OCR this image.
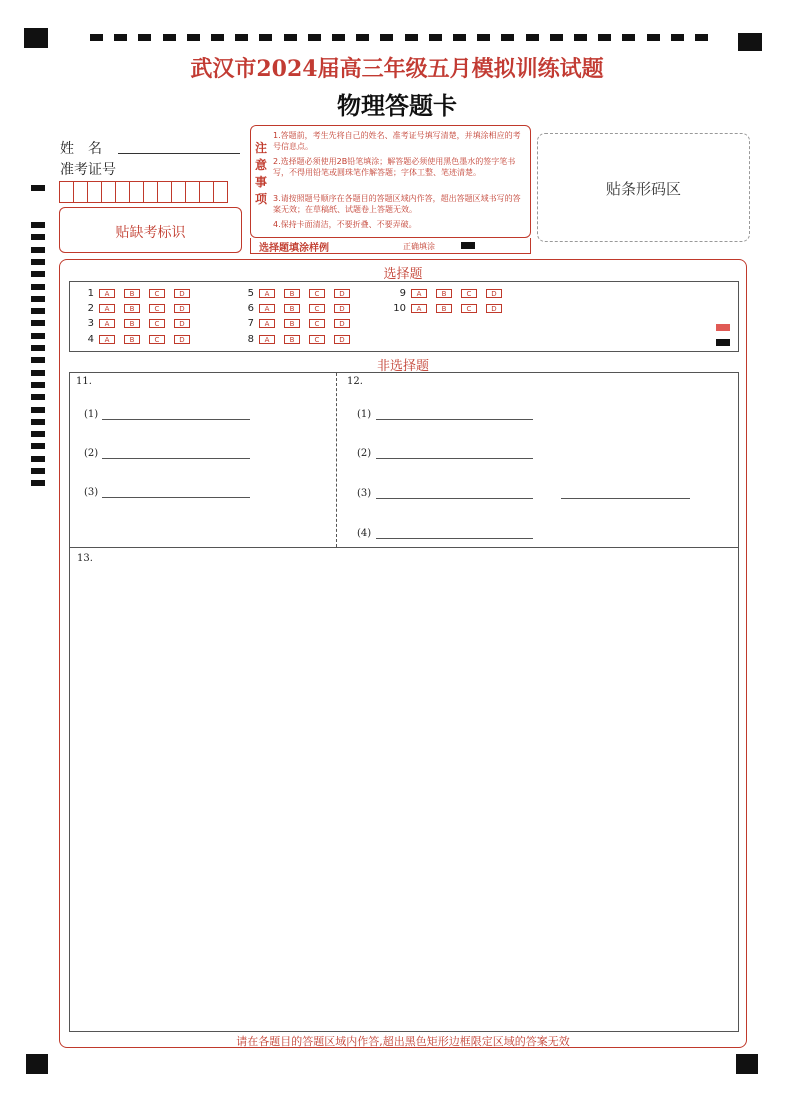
武汉市2024届高三年级五月模拟训练试题
物理答题卡
姓　名
准考证号
贴缺考标识
注意事项
1.答题前，考生先将自己的姓名、准考证号填写清楚，并填涂相应的考号信息点。
2.选择题必须使用2B铅笔填涂；解答题必须使用黑色墨水的签字笔书写，不得用铅笔或圆珠笔作解答题；字体工整、笔迹清楚。
3.请按照题号顺序在各题目的答题区域内作答，超出答题区域书写的答案无效；在草稿纸、试题卷上答题无效。
4.保持卡面清洁，不要折叠、不要弄破。
选择题填涂样例	正确填涂
贴条形码区
选择题
1	A	B	C	D
2	A	B	C	D
3	A	B	C	D
4	A	B	C	D
5	A	B	C	D
6	A	B	C	D
7	A	B	C	D
8	A	B	C	D
9	A	B	C	D
10	A	B	C	D
非选择题
11.
(1)
(2)
(3)
12.
(1)
(2)
(3)
(4)
13.
请在各题目的答题区域内作答,超出黑色矩形边框限定区域的答案无效
